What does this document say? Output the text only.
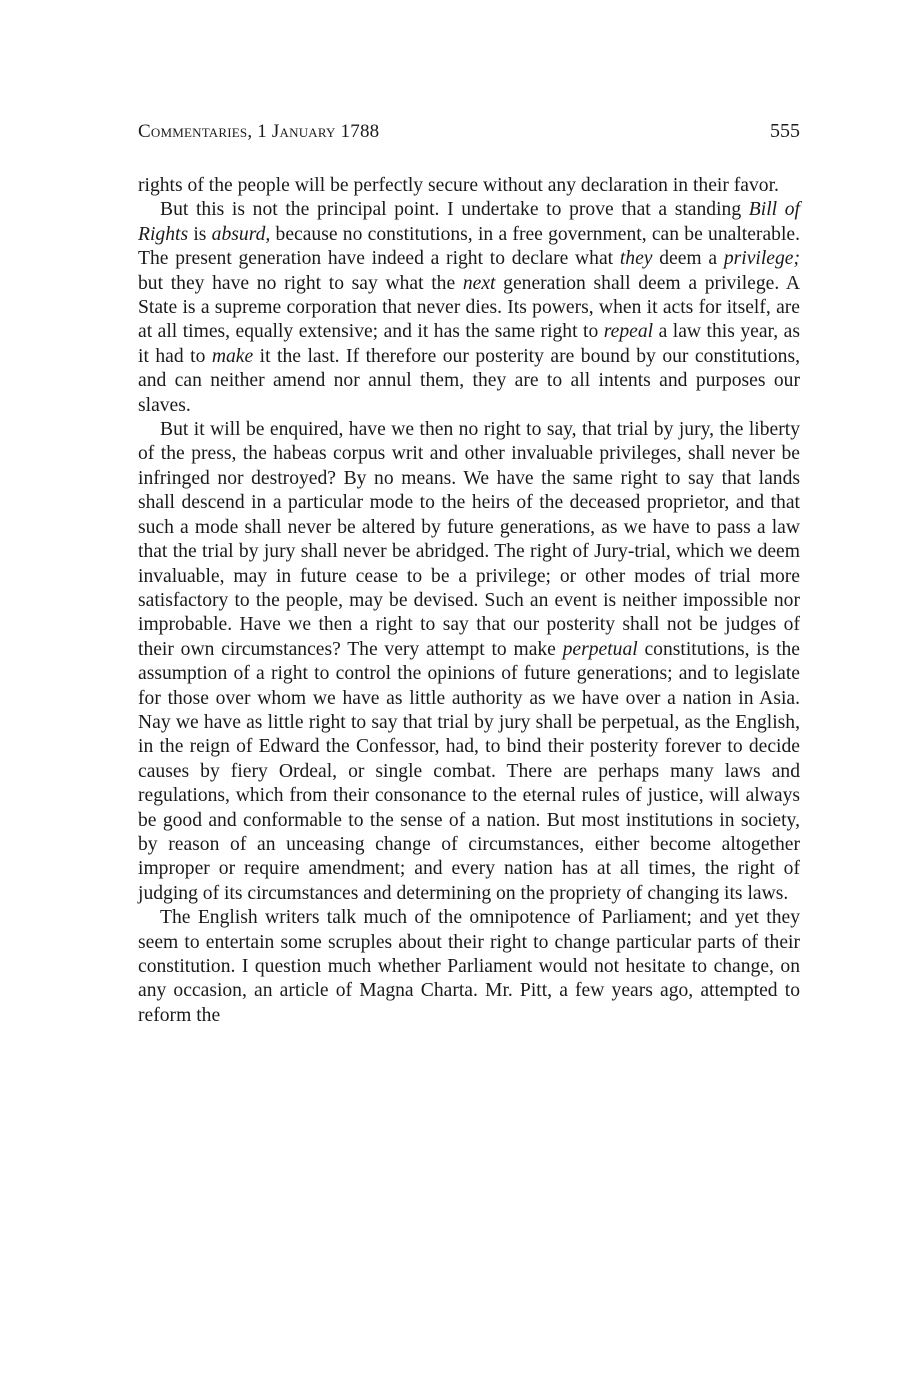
Commentaries, 1 January 1788	555

rights of the people will be perfectly secure without any declaration in their favor.

But this is not the principal point. I undertake to prove that a standing Bill of Rights is absurd, because no constitutions, in a free government, can be unalterable. The present generation have indeed a right to declare what they deem a privilege; but they have no right to say what the next generation shall deem a privilege. A State is a supreme corporation that never dies. Its powers, when it acts for itself, are at all times, equally extensive; and it has the same right to repeal a law this year, as it had to make it the last. If therefore our posterity are bound by our constitutions, and can neither amend nor annul them, they are to all intents and purposes our slaves.

But it will be enquired, have we then no right to say, that trial by jury, the liberty of the press, the habeas corpus writ and other invaluable privileges, shall never be infringed nor destroyed? By no means. We have the same right to say that lands shall descend in a particular mode to the heirs of the deceased proprietor, and that such a mode shall never be altered by future generations, as we have to pass a law that the trial by jury shall never be abridged. The right of Jury-trial, which we deem invaluable, may in future cease to be a privilege; or other modes of trial more satisfactory to the people, may be devised. Such an event is neither impossible nor improbable. Have we then a right to say that our posterity shall not be judges of their own circumstances? The very attempt to make perpetual constitutions, is the assumption of a right to control the opinions of future generations; and to legislate for those over whom we have as little authority as we have over a nation in Asia. Nay we have as little right to say that trial by jury shall be perpetual, as the English, in the reign of Edward the Confessor, had, to bind their posterity forever to decide causes by fiery Ordeal, or single combat. There are perhaps many laws and regulations, which from their consonance to the eternal rules of justice, will always be good and conformable to the sense of a nation. But most institutions in society, by reason of an unceasing change of circumstances, either become altogether improper or require amendment; and every nation has at all times, the right of judging of its circumstances and determining on the propriety of changing its laws.

The English writers talk much of the omnipotence of Parliament; and yet they seem to entertain some scruples about their right to change particular parts of their constitution. I question much whether Parliament would not hesitate to change, on any occasion, an article of Magna Charta. Mr. Pitt, a few years ago, attempted to reform the
